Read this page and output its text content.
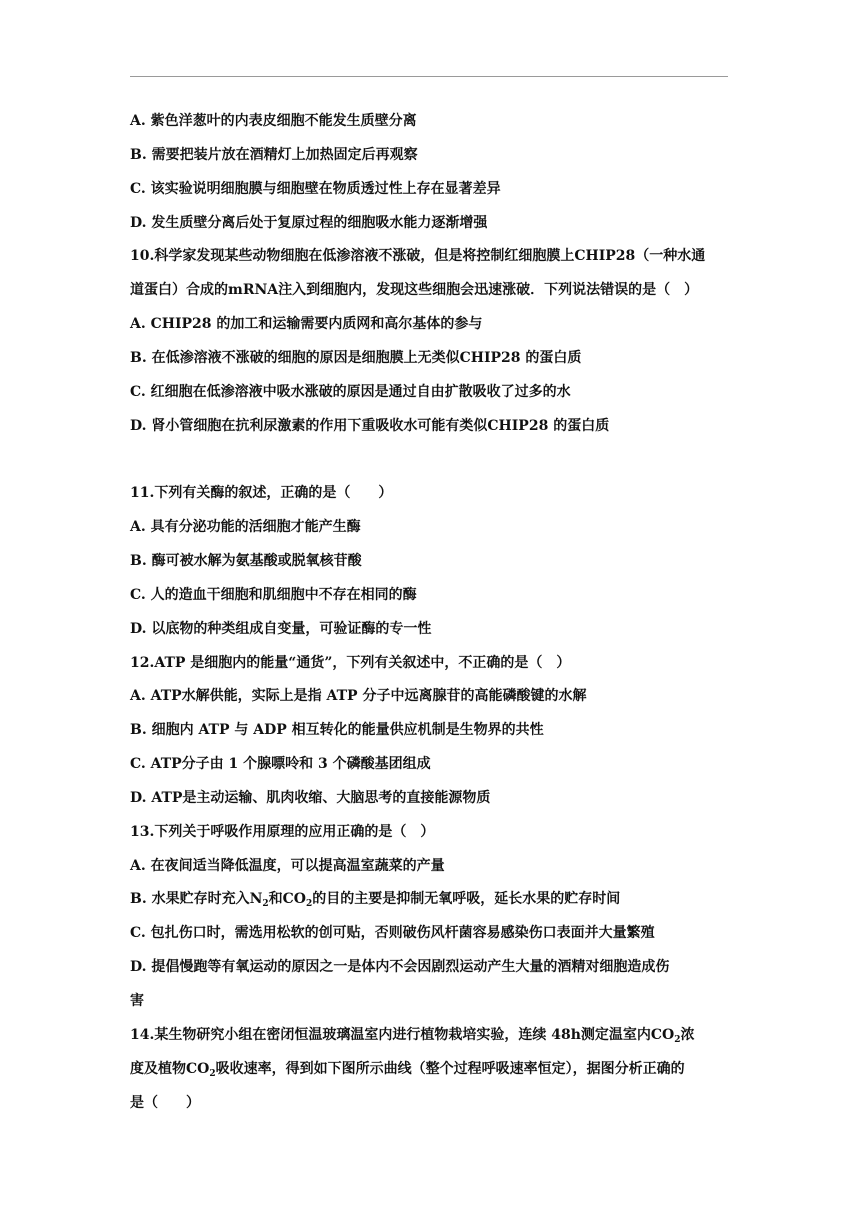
A. 紫色洋葱叶的内表皮细胞不能发生质壁分离
B. 需要把装片放在酒精灯上加热固定后再观察
C. 该实验说明细胞膜与细胞壁在物质透过性上存在显著差异
D. 发生质壁分离后处于复原过程的细胞吸水能力逐渐增强
10.科学家发现某些动物细胞在低渗溶液不涨破，但是将控制红细胞膜上CHIP28（一种水通
道蛋白）合成的mRNA注入到细胞内，发现这些细胞会迅速涨破．下列说法错误的是（　）
A. CHIP28 的加工和运输需要内质网和高尔基体的参与
B. 在低渗溶液不涨破的细胞的原因是细胞膜上无类似CHIP28 的蛋白质
C. 红细胞在低渗溶液中吸水涨破的原因是通过自由扩散吸收了过多的水
D. 肾小管细胞在抗利尿激素的作用下重吸收水可能有类似CHIP28 的蛋白质
11.下列有关酶的叙述，正确的是（　　）
A. 具有分泌功能的活细胞才能产生酶
B. 酶可被水解为氨基酸或脱氧核苷酸
C. 人的造血干细胞和肌细胞中不存在相同的酶
D. 以底物的种类组成自变量，可验证酶的专一性
12.ATP 是细胞内的能量“通货”，下列有关叙述中，不正确的是（　）
A. ATP水解供能，实际上是指 ATP 分子中远离腺苷的高能磷酸键的水解
B. 细胞内 ATP 与 ADP 相互转化的能量供应机制是生物界的共性
C. ATP分子由 1 个腺嘌呤和 3 个磷酸基团组成
D. ATP是主动运输、肌肉收缩、大脑思考的直接能源物质
13.下列关于呼吸作用原理的应用正确的是（　）
A. 在夜间适当降低温度，可以提高温室蔬菜的产量
B. 水果贮存时充入$N_2$和$CO_2$的目的主要是抑制无氧呼吸，延长水果的贮存时间
C. 包扎伤口时，需选用松软的创可贴，否则破伤风杆菌容易感染伤口表面并大量繁殖
D. 提倡慢跑等有氧运动的原因之一是体内不会因剧烈运动产生大量的酒精对细胞造成伤
害
14.某生物研究小组在密闭恒温玻璃温室内进行植物栽培实验，连续 48h测定温室内$CO_2$浓
度及植物$CO_2$吸收速率，得到如下图所示曲线（整个过程呼吸速率恒定），据图分析正确的
是（　　）
